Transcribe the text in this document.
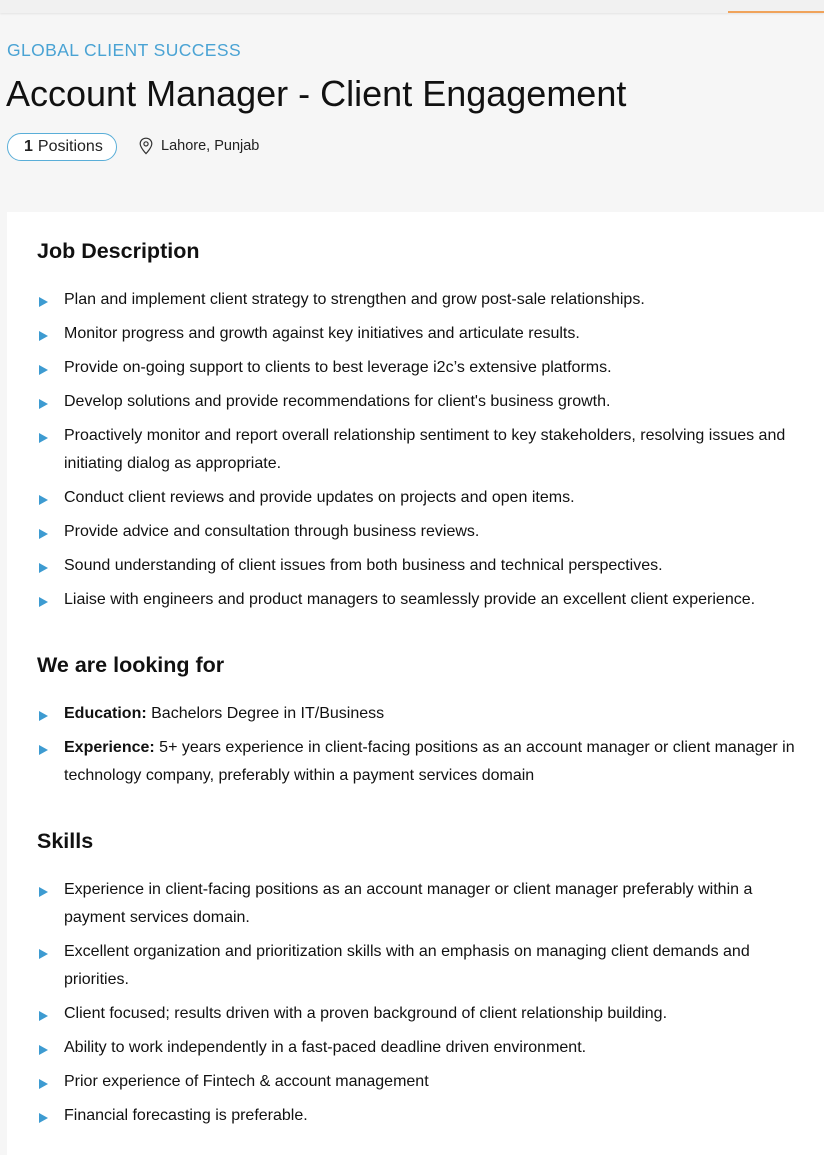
GLOBAL CLIENT SUCCESS
Account Manager - Client Engagement
1 Positions	Lahore, Punjab
Job Description
Plan and implement client strategy to strengthen and grow post-sale relationships.
Monitor progress and growth against key initiatives and articulate results.
Provide on-going support to clients to best leverage i2c’s extensive platforms.
Develop solutions and provide recommendations for client's business growth.
Proactively monitor and report overall relationship sentiment to key stakeholders, resolving issues and initiating dialog as appropriate.
Conduct client reviews and provide updates on projects and open items.
Provide advice and consultation through business reviews.
Sound understanding of client issues from both business and technical perspectives.
Liaise with engineers and product managers to seamlessly provide an excellent client experience.
We are looking for
Education: Bachelors Degree in IT/Business
Experience: 5+ years experience in client-facing positions as an account manager or client manager in technology company, preferably within a payment services domain
Skills
Experience in client-facing positions as an account manager or client manager preferably within a payment services domain.
Excellent organization and prioritization skills with an emphasis on managing client demands and priorities.
Client focused; results driven with a proven background of client relationship building.
Ability to work independently in a fast-paced deadline driven environment.
Prior experience of Fintech & account management
Financial forecasting is preferable.
